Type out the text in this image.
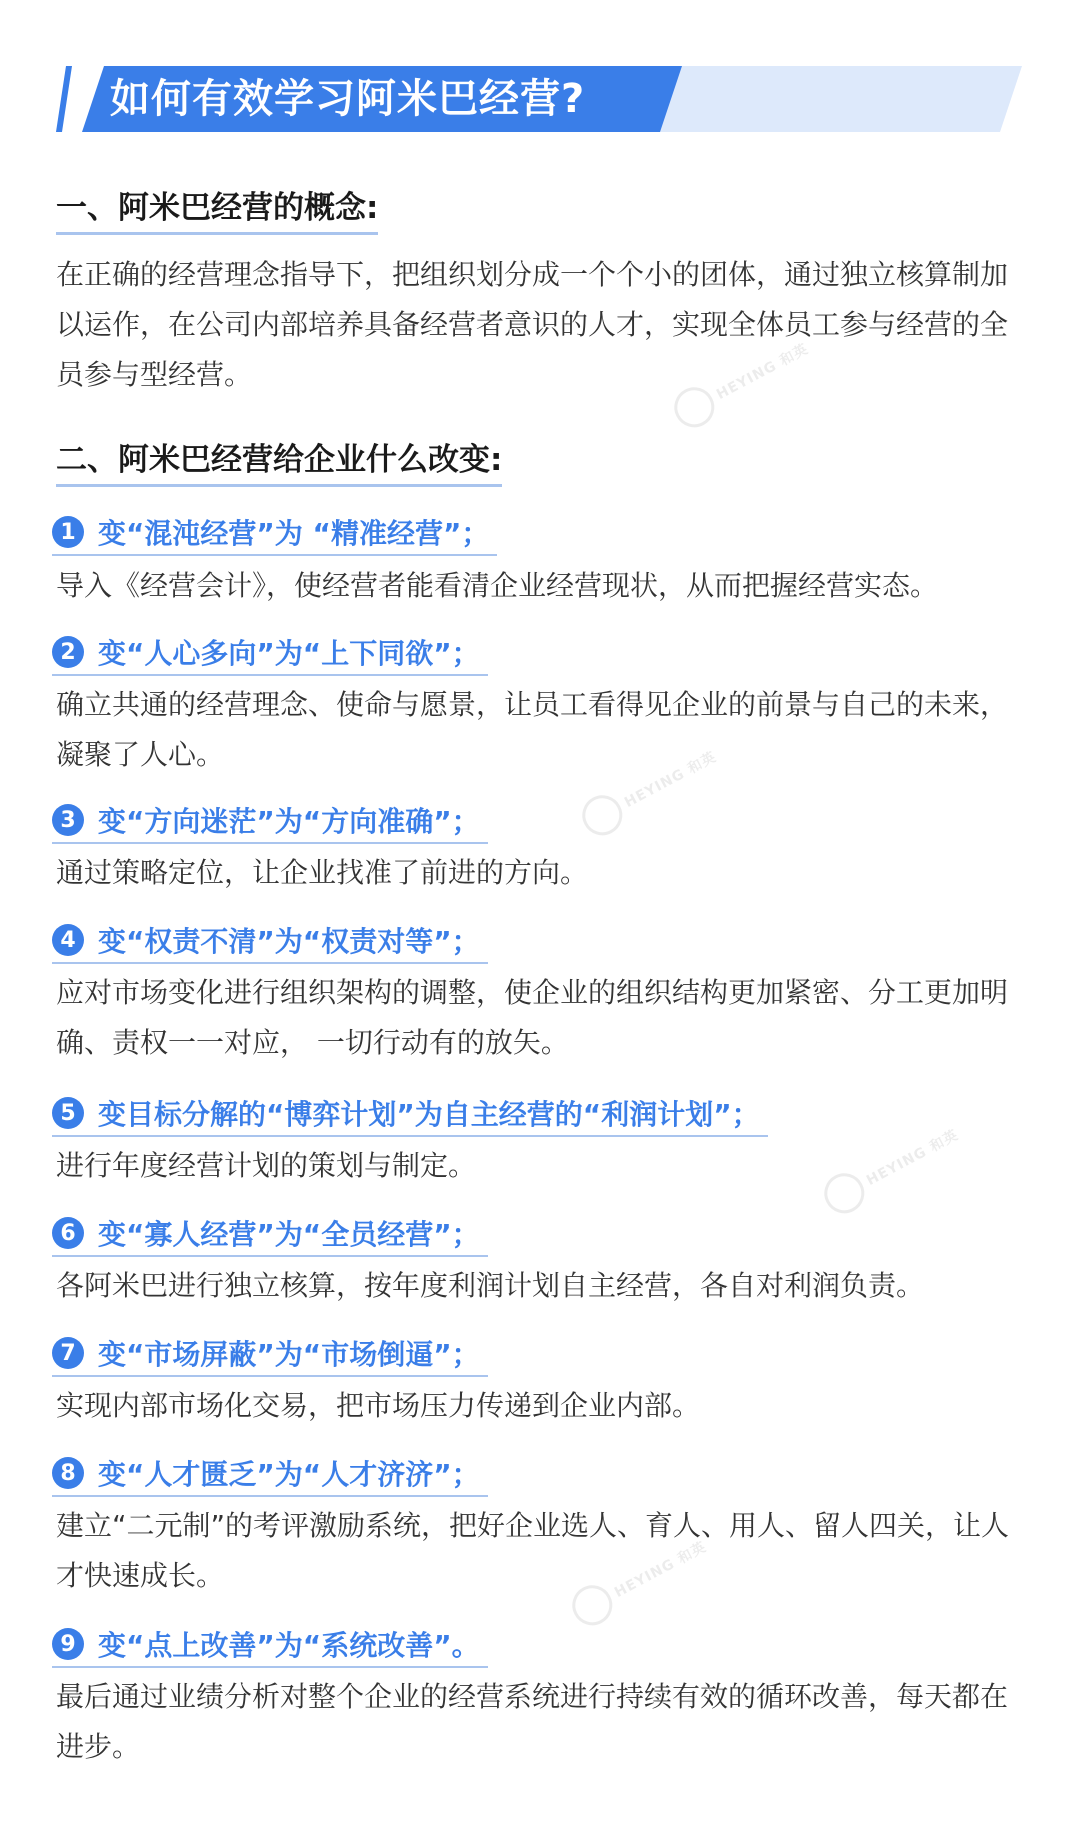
如何有效学习阿米巴经营?
一、阿米巴经营的概念:
在正确的经营理念指导下，把组织划分成一个个小的团体，通过独立核算制加以运作，在公司内部培养具备经营者意识的人才，实现全体员工参与经营的全员参与型经营。
二、阿米巴经营给企业什么改变:
1 变“混沌经营”为 “精准经营”；
导入《经营会计》，使经营者能看清企业经营现状，从而把握经营实态。
2 变“人心多向”为“上下同欲”；
确立共通的经营理念、使命与愿景，让员工看得见企业的前景与自己的未来，凝聚了人心。
3 变“方向迷茫”为“方向准确”；
通过策略定位，让企业找准了前进的方向。
4 变“权责不清”为“权责对等”；
应对市场变化进行组织架构的调整，使企业的组织结构更加紧密、分工更加明确、责权一一对应， 一切行动有的放矢。
5 变目标分解的“博弈计划”为自主经营的“利润计划”；
进行年度经营计划的策划与制定。
6 变“寡人经营”为“全员经营”；
各阿米巴进行独立核算，按年度利润计划自主经营，各自对利润负责。
7 变“市场屏蔽”为“市场倒逼”；
实现内部市场化交易，把市场压力传递到企业内部。
8 变“人才匮乏”为“人才济济”；
建立“二元制”的考评激励系统，把好企业选人、育人、用人、留人四关，让人才快速成长。
9 变“点上改善”为“系统改善”。
最后通过业绩分析对整个企业的经营系统进行持续有效的循环改善，每天都在进步。
HEYING 和英
HEYING 和英
HEYING 和英
HEYING 和英
